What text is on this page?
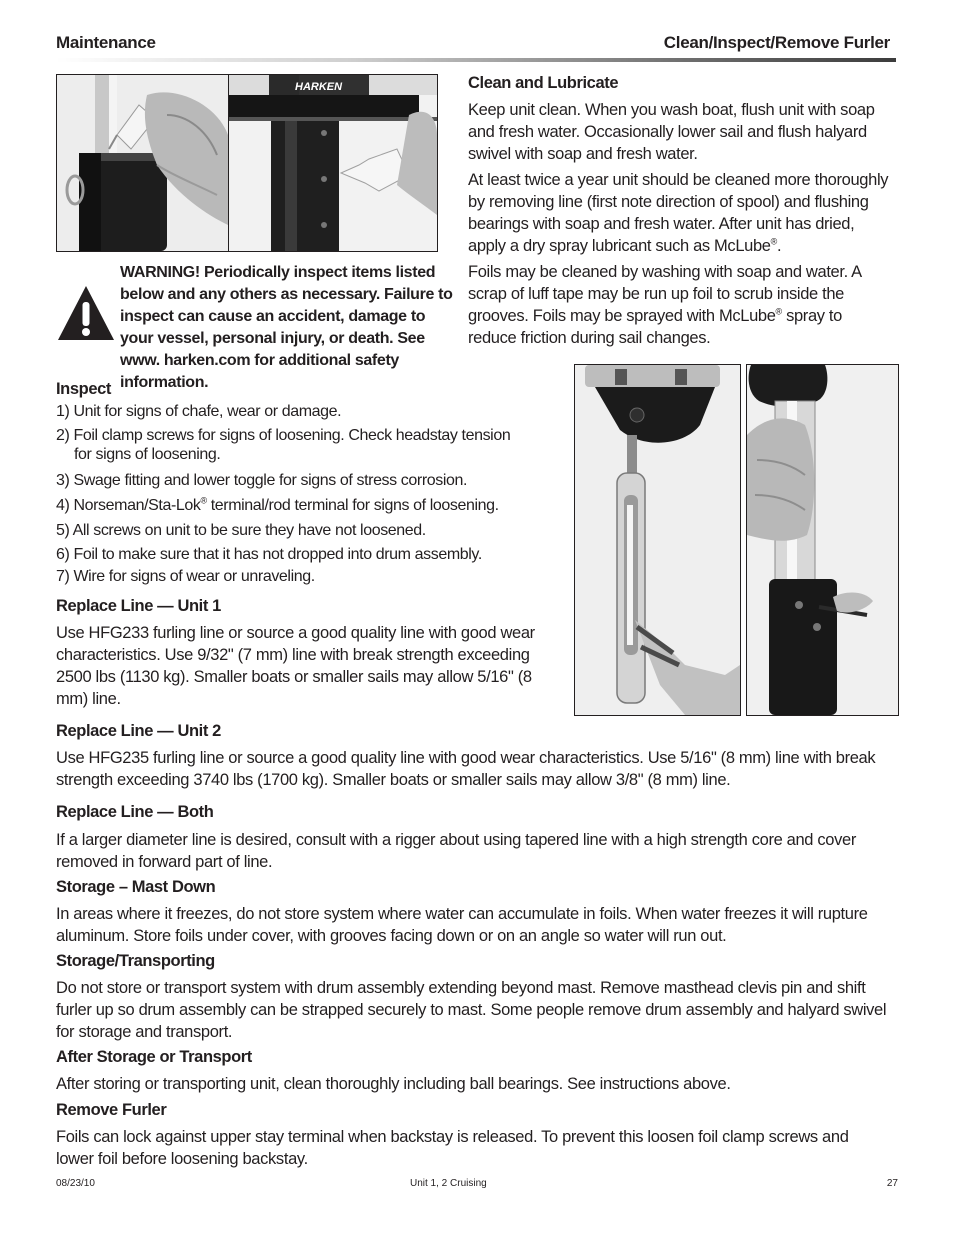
Maintenance	Clean/Inspect/Remove Furler
HARKEN
WARNING! Periodically inspect items listed below and any others as necessary. Failure to inspect can cause an accident, damage to your vessel, personal injury, or death. See www. harken.com for additional safety information.
Clean and Lubricate

Keep unit clean. When you wash boat, flush unit with soap and fresh water. Occasionally lower sail and flush halyard swivel with soap and fresh water.

At least twice a year unit should be cleaned more thoroughly by removing line (first note direction of spool) and flushing bearings with soap and fresh water. After unit has dried, apply a dry spray lubricant such as McLube®.

Foils may be cleaned by washing with soap and water. A scrap of luff tape may be run up foil to scrub inside the grooves. Foils may be sprayed with McLube® spray to reduce friction during sail changes.

Inspect
1) Unit for signs of chafe, wear or damage.
2) Foil clamp screws for signs of loosening. Check headstay tension
for signs of loosening.
3) Swage fitting and lower toggle for signs of stress corrosion.
4) Norseman/Sta-Lok® terminal/rod terminal for signs of loosening.
5) All screws on unit to be sure they have not loosened.
6) Foil to make sure that it has not dropped into drum assembly.
7) Wire for signs of wear or unraveling.
Replace Line — Unit 1
Use HFG233 furling line or source a good quality line with good wear characteristics. Use 9/32" (7 mm) line with break strength exceeding 2500 lbs (1130 kg). Smaller boats or smaller sails may allow 5/16" (8 mm) line.
Replace Line — Unit 2
Use HFG235 furling line or source a good quality line with good wear characteristics. Use 5/16" (8 mm) line with break strength exceeding 3740 lbs (1700 kg). Smaller boats or smaller sails may allow 3/8" (8 mm) line.
Replace Line — Both
If a larger diameter line is desired, consult with a rigger about using tapered line with a high strength core and cover removed in forward part of line.
Storage – Mast Down
In areas where it freezes, do not store system where water can accumulate in foils. When water freezes it will rupture aluminum. Store foils under cover, with grooves facing down or on an angle so water will run out.
Storage/Transporting
Do not store or transport system with drum assembly extending beyond mast. Remove masthead clevis pin and shift furler up so drum assembly can be strapped securely to mast. Some people remove drum assembly and halyard swivel for storage and transport.
After Storage or Transport
After storing or transporting unit, clean thoroughly including ball bearings. See instructions above.
Remove Furler
Foils can lock against upper stay terminal when backstay is released. To prevent this loosen foil clamp screws and lower foil before loosening backstay.
08/23/10	Unit 1, 2 Cruising	27
